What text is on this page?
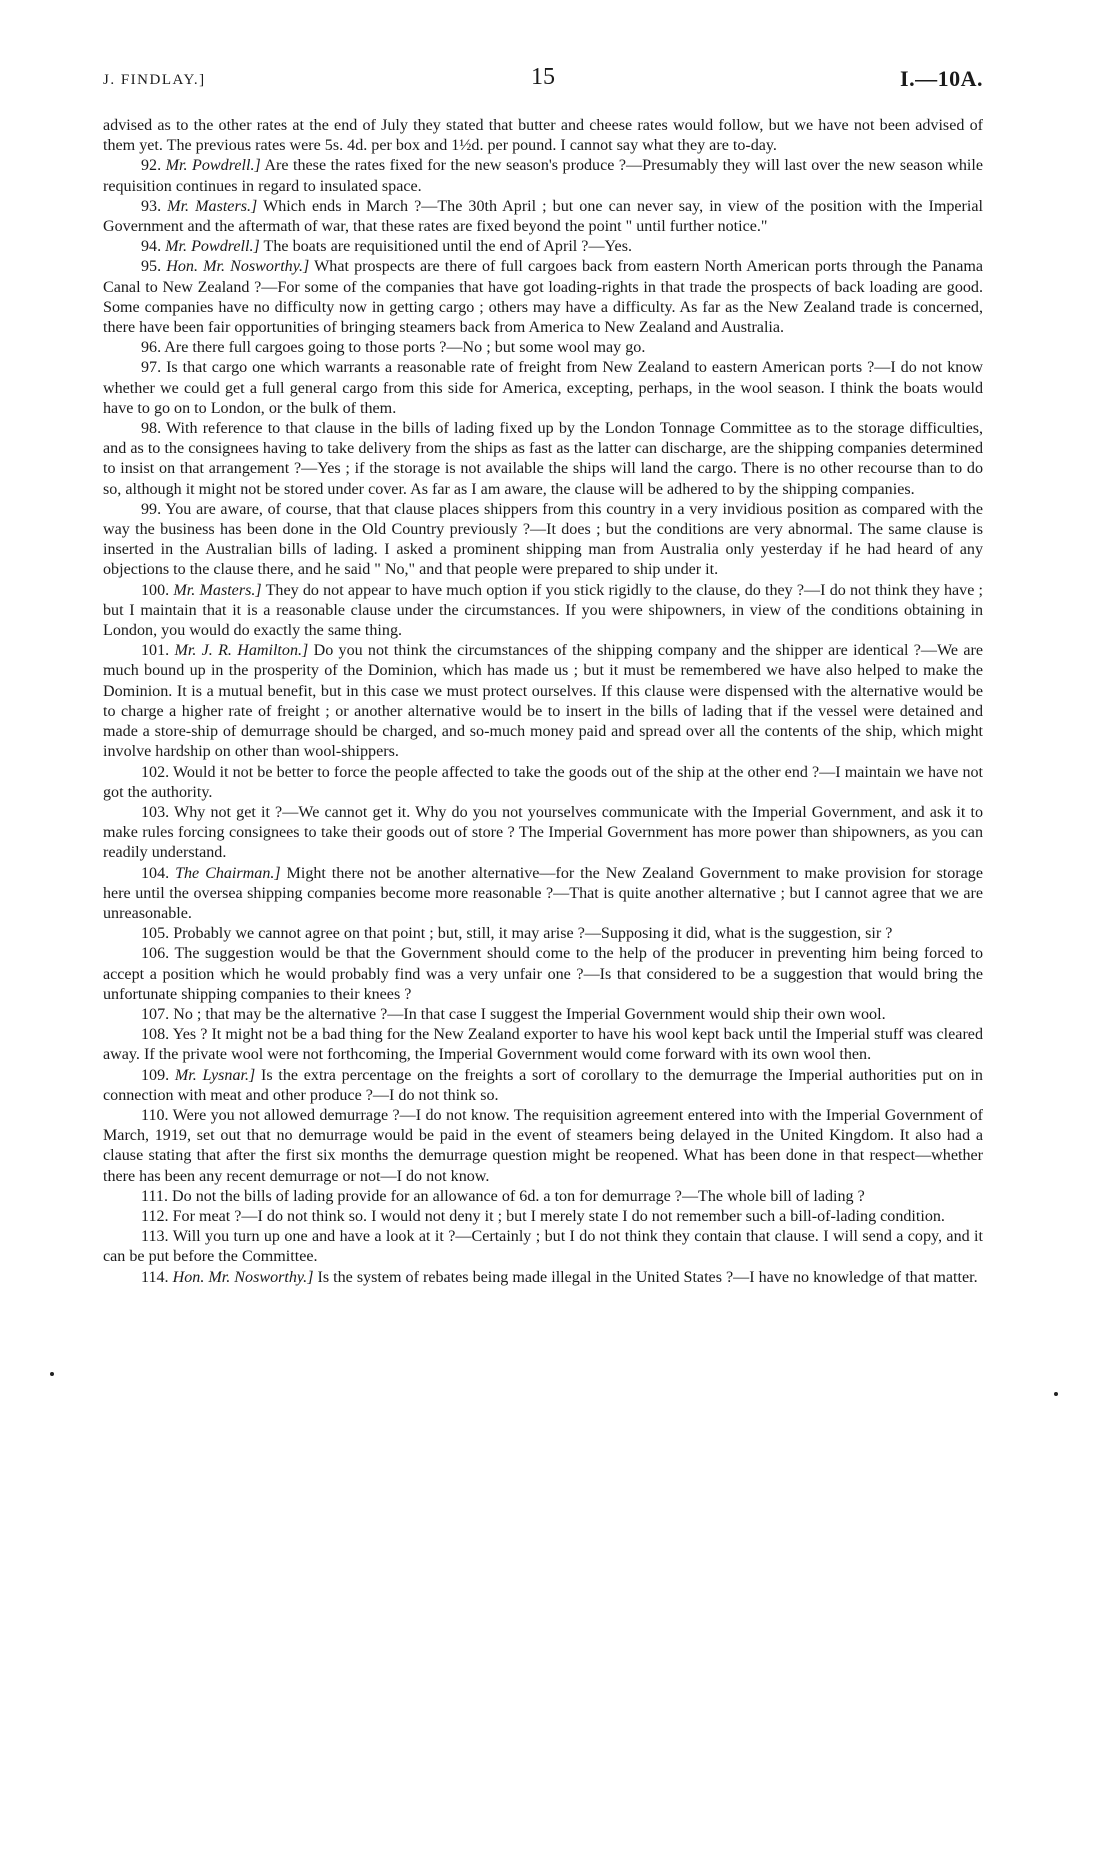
J. FINDLAY.]	15	I.—10A.

advised as to the other rates at the end of July they stated that butter and cheese rates would follow, but we have not been advised of them yet. The previous rates were 5s. 4d. per box and 1½d. per pound. I cannot say what they are to-day.

92. Mr. Powdrell.] Are these the rates fixed for the new season's produce ?—Presumably they will last over the new season while requisition continues in regard to insulated space.

93. Mr. Masters.] Which ends in March ?—The 30th April ; but one can never say, in view of the position with the Imperial Government and the aftermath of war, that these rates are fixed beyond the point " until further notice."

94. Mr. Powdrell.] The boats are requisitioned until the end of April ?—Yes.

95. Hon. Mr. Nosworthy.] What prospects are there of full cargoes back from eastern North American ports through the Panama Canal to New Zealand ?—For some of the companies that have got loading-rights in that trade the prospects of back loading are good. Some companies have no difficulty now in getting cargo ; others may have a difficulty. As far as the New Zealand trade is concerned, there have been fair opportunities of bringing steamers back from America to New Zealand and Australia.

96. Are there full cargoes going to those ports ?—No ; but some wool may go.

97. Is that cargo one which warrants a reasonable rate of freight from New Zealand to eastern American ports ?—I do not know whether we could get a full general cargo from this side for America, excepting, perhaps, in the wool season. I think the boats would have to go on to London, or the bulk of them.

98. With reference to that clause in the bills of lading fixed up by the London Tonnage Committee as to the storage difficulties, and as to the consignees having to take delivery from the ships as fast as the latter can discharge, are the shipping companies determined to insist on that arrangement ?—Yes ; if the storage is not available the ships will land the cargo. There is no other recourse than to do so, although it might not be stored under cover. As far as I am aware, the clause will be adhered to by the shipping companies.

99. You are aware, of course, that that clause places shippers from this country in a very invidious position as compared with the way the business has been done in the Old Country previously ?—It does ; but the conditions are very abnormal. The same clause is inserted in the Australian bills of lading. I asked a prominent shipping man from Australia only yesterday if he had heard of any objections to the clause there, and he said " No," and that people were prepared to ship under it.

100. Mr. Masters.] They do not appear to have much option if you stick rigidly to the clause, do they ?—I do not think they have ; but I maintain that it is a reasonable clause under the circumstances. If you were shipowners, in view of the conditions obtaining in London, you would do exactly the same thing.

101. Mr. J. R. Hamilton.] Do you not think the circumstances of the shipping company and the shipper are identical ?—We are much bound up in the prosperity of the Dominion, which has made us ; but it must be remembered we have also helped to make the Dominion. It is a mutual benefit, but in this case we must protect ourselves. If this clause were dispensed with the alternative would be to charge a higher rate of freight ; or another alternative would be to insert in the bills of lading that if the vessel were detained and made a store-ship of demurrage should be charged, and so-much money paid and spread over all the contents of the ship, which might involve hardship on other than wool-shippers.

102. Would it not be better to force the people affected to take the goods out of the ship at the other end ?—I maintain we have not got the authority.

103. Why not get it ?—We cannot get it. Why do you not yourselves communicate with the Imperial Government, and ask it to make rules forcing consignees to take their goods out of store ? The Imperial Government has more power than shipowners, as you can readily understand.

104. The Chairman.] Might there not be another alternative—for the New Zealand Government to make provision for storage here until the oversea shipping companies become more reasonable ?—That is quite another alternative ; but I cannot agree that we are unreasonable.

105. Probably we cannot agree on that point ; but, still, it may arise ?—Supposing it did, what is the suggestion, sir ?

106. The suggestion would be that the Government should come to the help of the producer in preventing him being forced to accept a position which he would probably find was a very unfair one ?—Is that considered to be a suggestion that would bring the unfortunate shipping companies to their knees ?

107. No ; that may be the alternative ?—In that case I suggest the Imperial Government would ship their own wool.

108. Yes ? It might not be a bad thing for the New Zealand exporter to have his wool kept back until the Imperial stuff was cleared away. If the private wool were not forthcoming, the Imperial Government would come forward with its own wool then.

109. Mr. Lysnar.] Is the extra percentage on the freights a sort of corollary to the demurrage the Imperial authorities put on in connection with meat and other produce ?—I do not think so.

110. Were you not allowed demurrage ?—I do not know. The requisition agreement entered into with the Imperial Government of March, 1919, set out that no demurrage would be paid in the event of steamers being delayed in the United Kingdom. It also had a clause stating that after the first six months the demurrage question might be reopened. What has been done in that respect—whether there has been any recent demurrage or not—I do not know.

111. Do not the bills of lading provide for an allowance of 6d. a ton for demurrage ?—The whole bill of lading ?

112. For meat ?—I do not think so. I would not deny it ; but I merely state I do not remember such a bill-of-lading condition.

113. Will you turn up one and have a look at it ?—Certainly ; but I do not think they contain that clause. I will send a copy, and it can be put before the Committee.

114. Hon. Mr. Nosworthy.] Is the system of rebates being made illegal in the United States ?—I have no knowledge of that matter.
